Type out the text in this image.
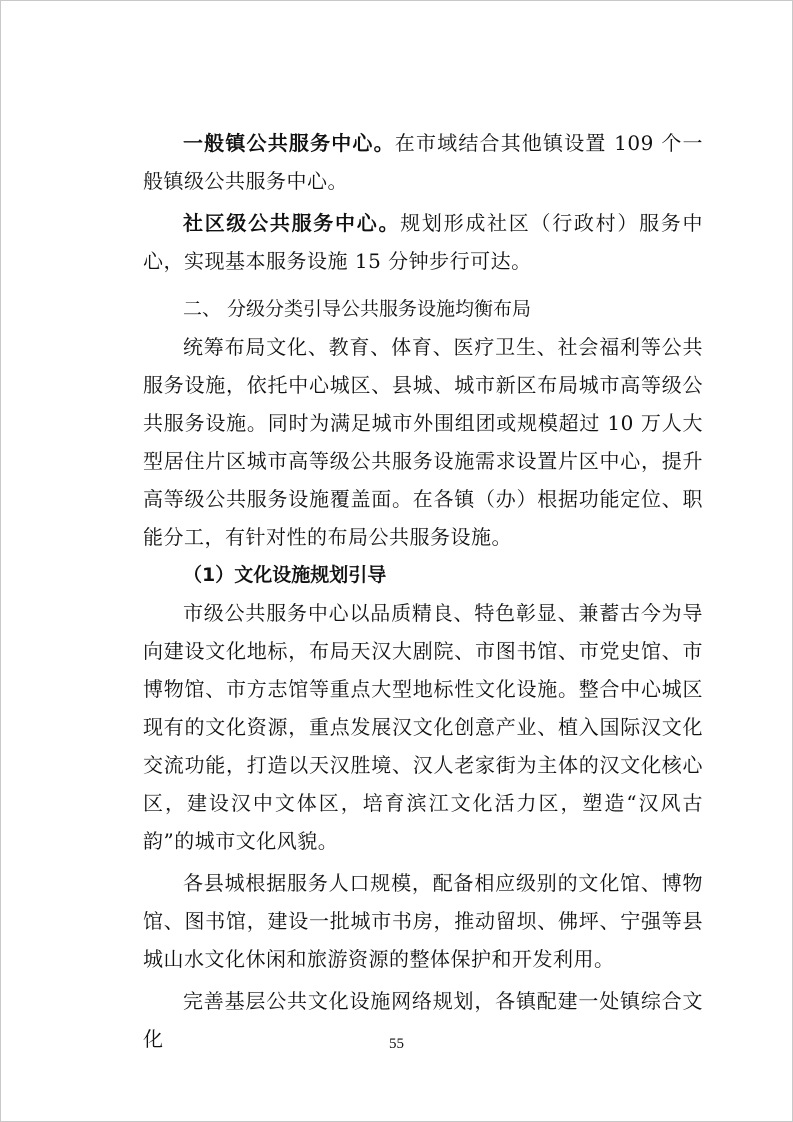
一般镇公共服务中心。在市域结合其他镇设置 109 个一般镇级公共服务中心。

社区级公共服务中心。规划形成社区（行政村）服务中心，实现基本服务设施 15 分钟步行可达。

二、 分级分类引导公共服务设施均衡布局

统筹布局文化、教育、体育、医疗卫生、社会福利等公共服务设施，依托中心城区、县城、城市新区布局城市高等级公共服务设施。同时为满足城市外围组团或规模超过 10 万人大型居住片区城市高等级公共服务设施需求设置片区中心，提升高等级公共服务设施覆盖面。在各镇（办）根据功能定位、职能分工，有针对性的布局公共服务设施。

（1）文化设施规划引导

市级公共服务中心以品质精良、特色彰显、兼蓄古今为导向建设文化地标，布局天汉大剧院、市图书馆、市党史馆、市博物馆、市方志馆等重点大型地标性文化设施。整合中心城区现有的文化资源，重点发展汉文化创意产业、植入国际汉文化交流功能，打造以天汉胜境、汉人老家街为主体的汉文化核心区，建设汉中文体区，培育滨江文化活力区，塑造“汉风古韵”的城市文化风貌。

各县城根据服务人口规模，配备相应级别的文化馆、博物馆、图书馆，建设一批城市书房，推动留坝、佛坪、宁强等县城山水文化休闲和旅游资源的整体保护和开发利用。

完善基层公共文化设施网络规划，各镇配建一处镇综合文化	55
